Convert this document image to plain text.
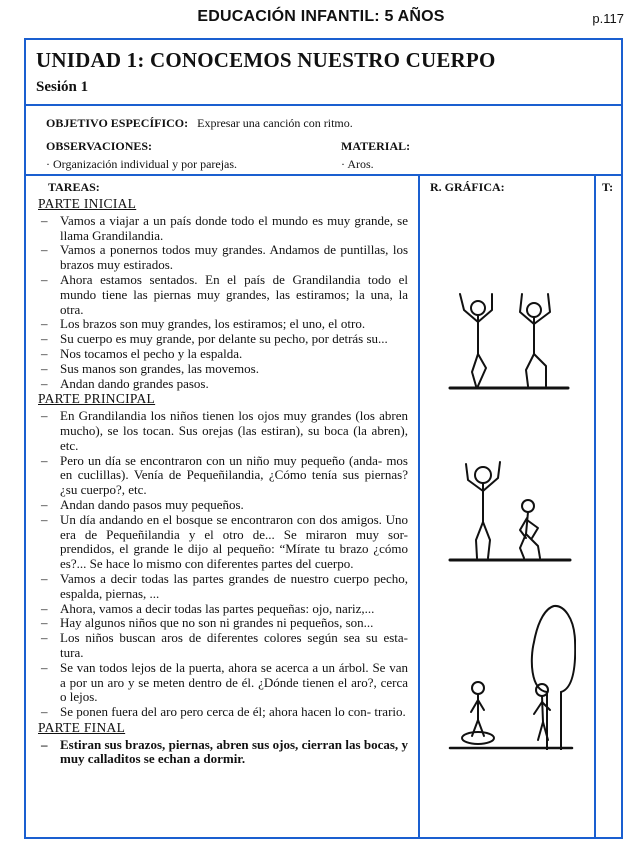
EDUCACIÓN INFANTIL: 5 AÑOS	p.117
UNIDAD 1: CONOCEMOS NUESTRO CUERPO
Sesión 1
OBJETIVO ESPECÍFICO: Expresar una canción con ritmo.
OBSERVACIONES:
· Organización individual y por parejas.
MATERIAL:
· Aros.
TAREAS:	R. GRÁFICA:	T:
PARTE INICIAL
– Vamos a viajar a un país donde todo el mundo es muy grande, se llama Grandilandia.
– Vamos a ponernos todos muy grandes. Andamos de puntillas, los brazos muy estirados.
– Ahora estamos sentados. En el país de Grandilandia todo el mundo tiene las piernas muy grandes, las estiramos; la una, la otra.
– Los brazos son muy grandes, los estiramos; el uno, el otro.
– Su cuerpo es muy grande, por delante su pecho, por detrás su...
– Nos tocamos el pecho y la espalda.
– Sus manos son grandes, las movemos.
– Andan dando grandes pasos.
PARTE PRINCIPAL
– En Grandilandia los niños tienen los ojos muy grandes (los abren mucho), se los tocan. Sus orejas (las estiran), su boca (la abren), etc.
– Pero un día se encontraron con un niño muy pequeño (anda- mos en cuclillas). Venía de Pequeñilandia, ¿Cómo tenía sus piernas? ¿su cuerpo?, etc.
– Andan dando pasos muy pequeños.
– Un día andando en el bosque se encontraron con dos amigos. Uno era de Pequeñilandia y el otro de... Se miraron muy sor- prendidos, el grande le dijo al pequeño: “Mírate tu brazo ¿cómo es?... Se hace lo mismo con diferentes partes del cuerpo.
– Vamos a decir todas las partes grandes de nuestro cuerpo pecho, espalda, piernas, ...
– Ahora, vamos a decir todas las partes pequeñas: ojo, nariz,...
– Hay algunos niños que no son ni grandes ni pequeños, son...
– Los niños buscan aros de diferentes colores según sea su esta- tura.
– Se van todos lejos de la puerta, ahora se acerca a un árbol. Se van a por un aro y se meten dentro de él. ¿Dónde tienen el aro?, cerca o lejos.
– Se ponen fuera del aro pero cerca de él; ahora hacen lo con- trario.
PARTE FINAL
– Estiran sus brazos, piernas, abren sus ojos, cierran las bocas, y muy calladitos se echan a dormir.
